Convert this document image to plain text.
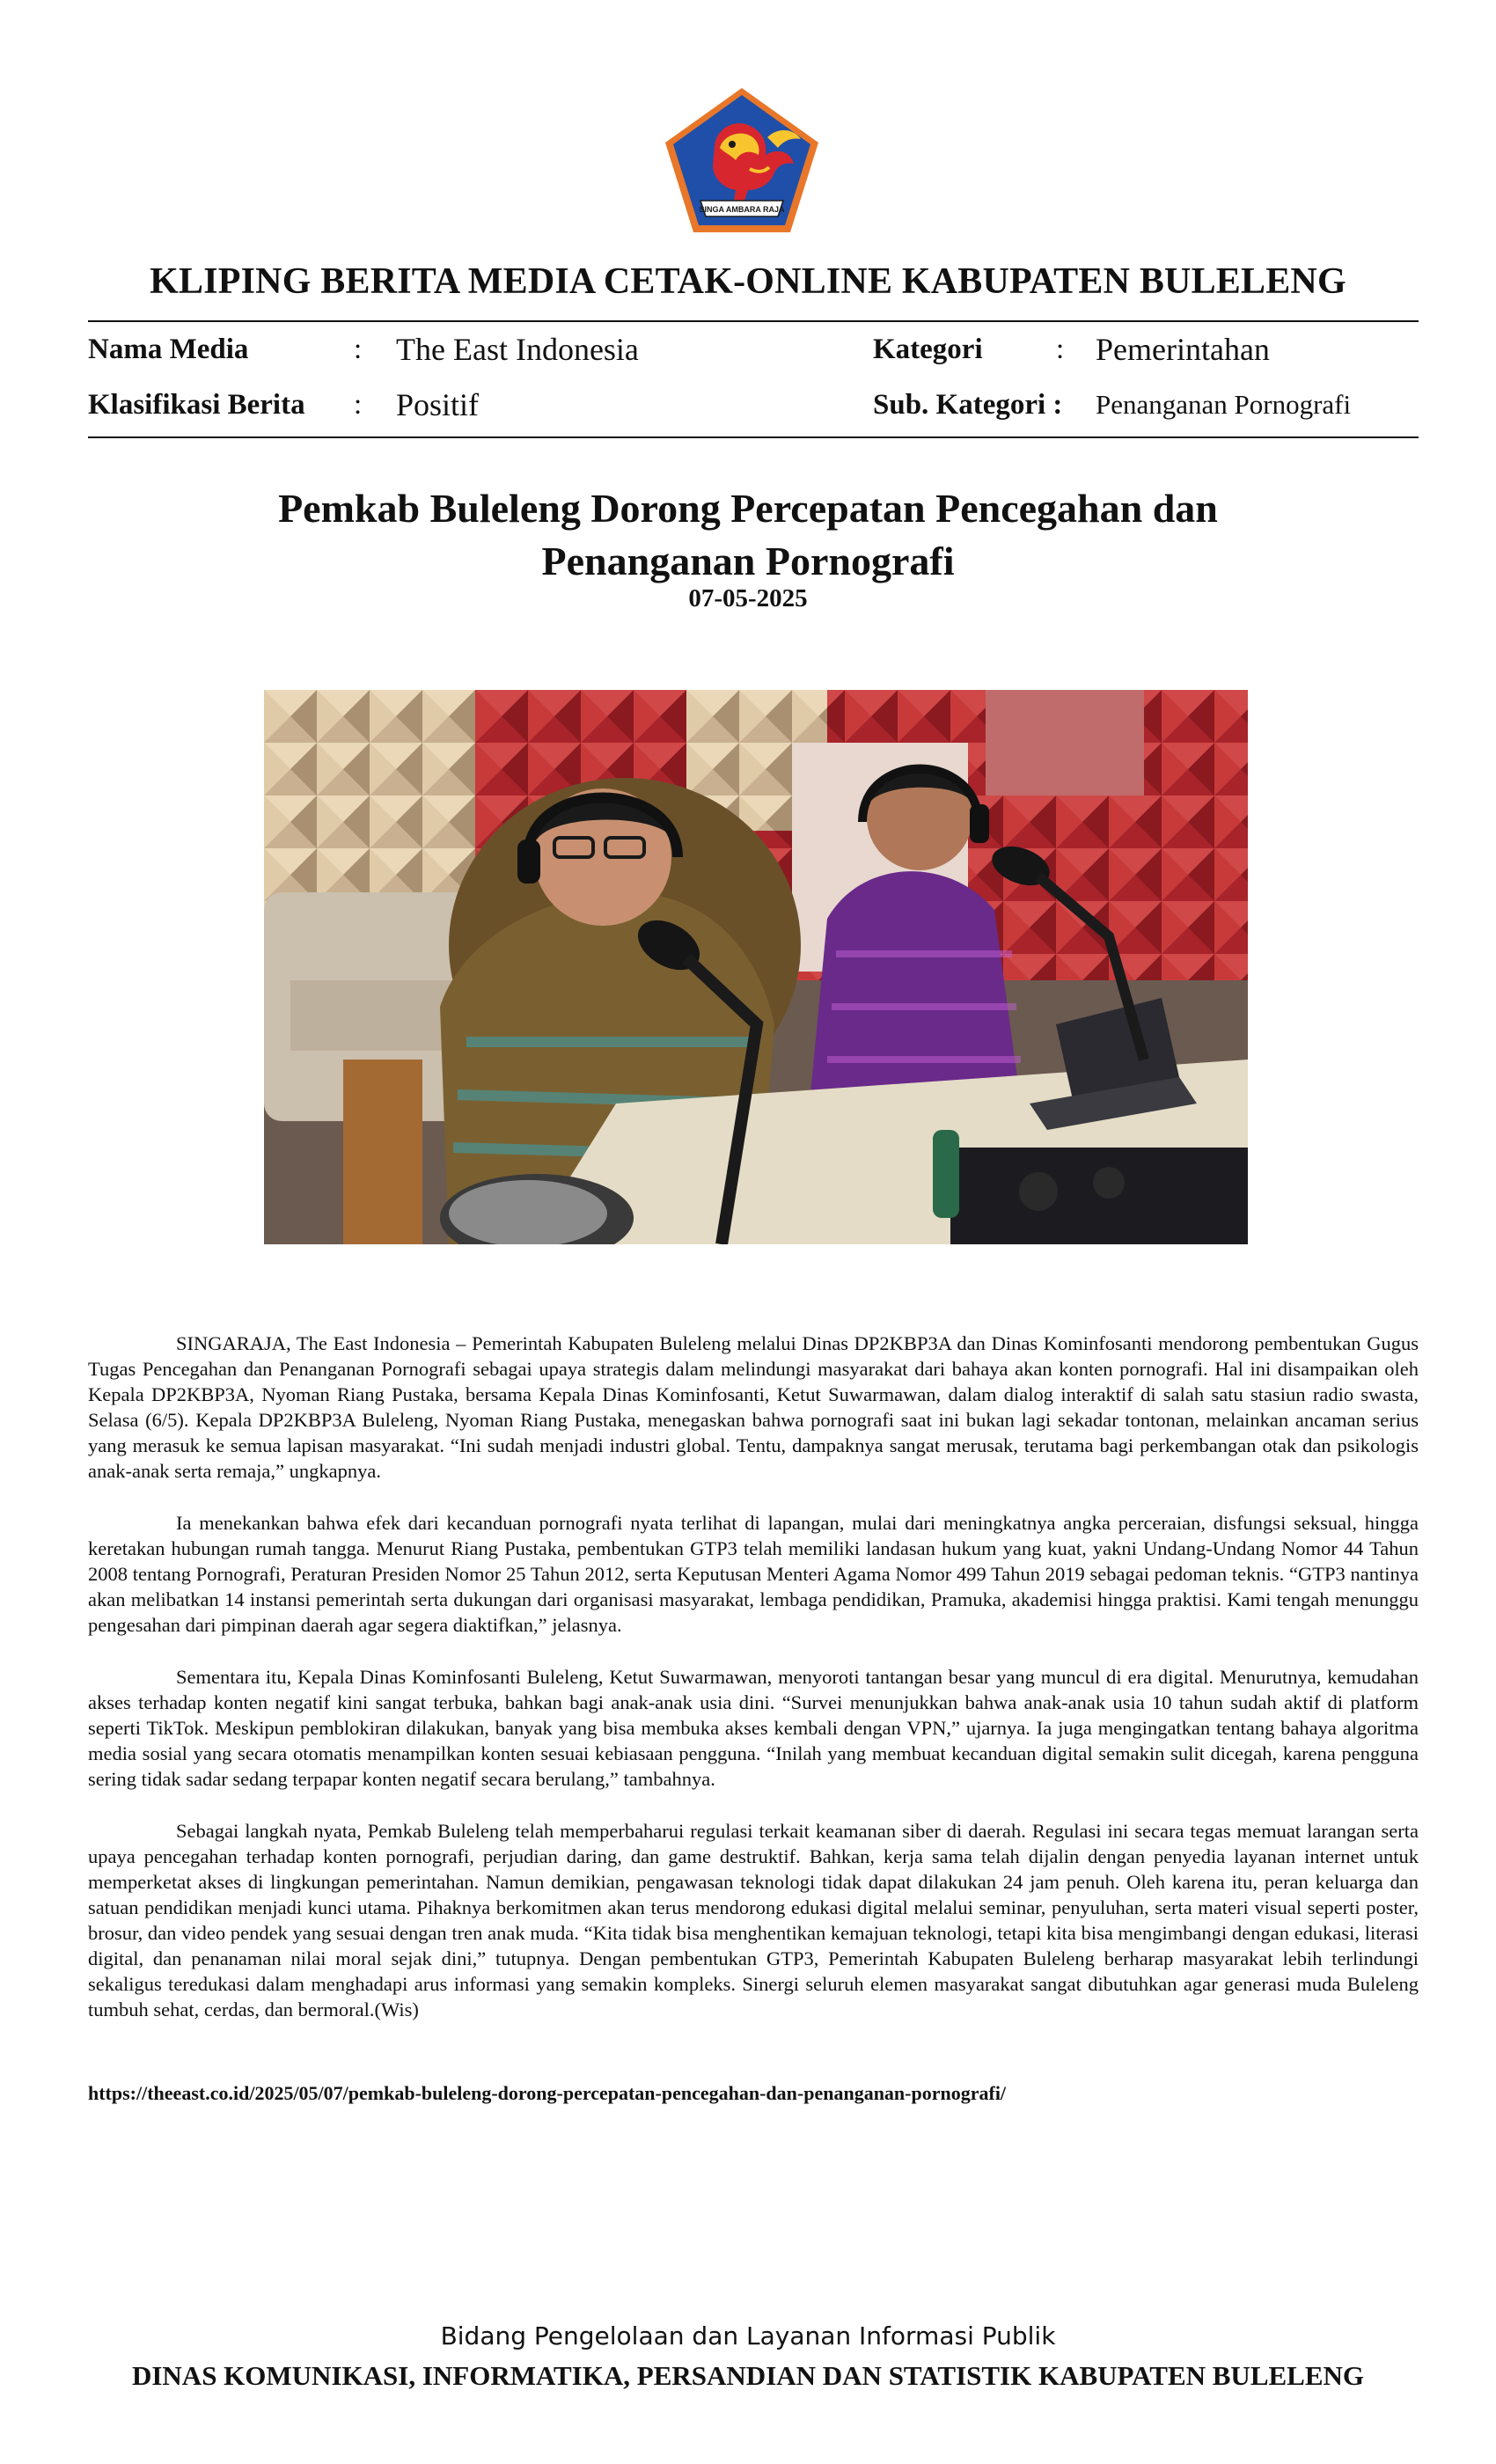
SINGA AMBARA RAJA
KLIPING BERITA MEDIA CETAK-ONLINE KABUPATEN BULELENG
Nama Media	: The East Indonesia	Kategori	: Pemerintahan
Klasifikasi Berita : Positif	Sub. Kategori : Penanganan Pornografi
Pemkab Buleleng Dorong Percepatan Pencegahan dan
Penanganan Pornografi
07-05-2025

SINGARAJA, The East Indonesia – Pemerintah Kabupaten Buleleng melalui Dinas DP2KBP3A dan Dinas Kominfosanti mendorong pembentukan Gugus Tugas Pencegahan dan Penanganan Pornografi sebagai upaya strategis dalam melindungi masyarakat dari bahaya akan konten pornografi. Hal ini disampaikan oleh Kepala DP2KBP3A, Nyoman Riang Pustaka, bersama Kepala Dinas Kominfosanti, Ketut Suwarmawan, dalam dialog interaktif di salah satu stasiun radio swasta, Selasa (6/5). Kepala DP2KBP3A Buleleng, Nyoman Riang Pustaka, menegaskan bahwa pornografi saat ini bukan lagi sekadar tontonan, melainkan ancaman serius yang merasuk ke semua lapisan masyarakat. “Ini sudah menjadi industri global. Tentu, dampaknya sangat merusak, terutama bagi perkembangan otak dan psikologis anak-anak serta remaja,” ungkapnya.

Ia menekankan bahwa efek dari kecanduan pornografi nyata terlihat di lapangan, mulai dari meningkatnya angka perceraian, disfungsi seksual, hingga keretakan hubungan rumah tangga. Menurut Riang Pustaka, pembentukan GTP3 telah memiliki landasan hukum yang kuat, yakni Undang-Undang Nomor 44 Tahun 2008 tentang Pornografi, Peraturan Presiden Nomor 25 Tahun 2012, serta Keputusan Menteri Agama Nomor 499 Tahun 2019 sebagai pedoman teknis. “GTP3 nantinya akan melibatkan 14 instansi pemerintah serta dukungan dari organisasi masyarakat, lembaga pendidikan, Pramuka, akademisi hingga praktisi. Kami tengah menunggu pengesahan dari pimpinan daerah agar segera diaktifkan,” jelasnya.

Sementara itu, Kepala Dinas Kominfosanti Buleleng, Ketut Suwarmawan, menyoroti tantangan besar yang muncul di era digital. Menurutnya, kemudahan akses terhadap konten negatif kini sangat terbuka, bahkan bagi anak-anak usia dini. “Survei menunjukkan bahwa anak-anak usia 10 tahun sudah aktif di platform seperti TikTok. Meskipun pemblokiran dilakukan, banyak yang bisa membuka akses kembali dengan VPN,” ujarnya. Ia juga mengingatkan tentang bahaya algoritma media sosial yang secara otomatis menampilkan konten sesuai kebiasaan pengguna. “Inilah yang membuat kecanduan digital semakin sulit dicegah, karena pengguna sering tidak sadar sedang terpapar konten negatif secara berulang,” tambahnya.

Sebagai langkah nyata, Pemkab Buleleng telah memperbaharui regulasi terkait keamanan siber di daerah. Regulasi ini secara tegas memuat larangan serta upaya pencegahan terhadap konten pornografi, perjudian daring, dan game destruktif. Bahkan, kerja sama telah dijalin dengan penyedia layanan internet untuk memperketat akses di lingkungan pemerintahan. Namun demikian, pengawasan teknologi tidak dapat dilakukan 24 jam penuh. Oleh karena itu, peran keluarga dan satuan pendidikan menjadi kunci utama. Pihaknya berkomitmen akan terus mendorong edukasi digital melalui seminar, penyuluhan, serta materi visual seperti poster, brosur, dan video pendek yang sesuai dengan tren anak muda. “Kita tidak bisa menghentikan kemajuan teknologi, tetapi kita bisa mengimbangi dengan edukasi, literasi digital, dan penanaman nilai moral sejak dini,” tutupnya. Dengan pembentukan GTP3, Pemerintah Kabupaten Buleleng berharap masyarakat lebih terlindungi sekaligus teredukasi dalam menghadapi arus informasi yang semakin kompleks. Sinergi seluruh elemen masyarakat sangat dibutuhkan agar generasi muda Buleleng tumbuh sehat, cerdas, dan bermoral.(Wis)

https://theeast.co.id/2025/05/07/pemkab-buleleng-dorong-percepatan-pencegahan-dan-penanganan-pornografi/
Bidang Pengelolaan dan Layanan Informasi Publik
DINAS KOMUNIKASI, INFORMATIKA, PERSANDIAN DAN STATISTIK KABUPATEN BULELENG
